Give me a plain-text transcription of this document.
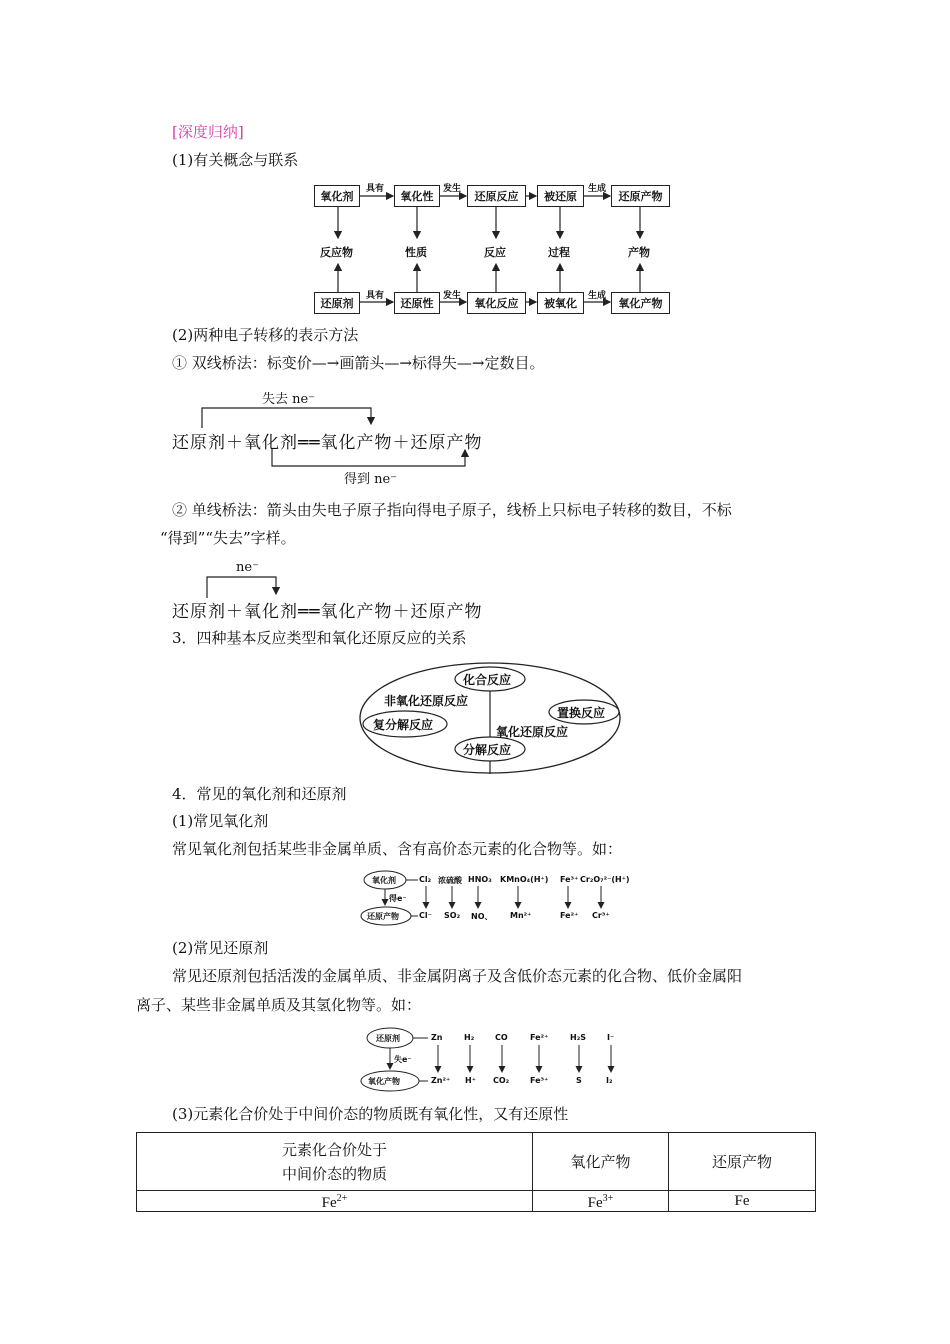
[深度归纳]
(1)有关概念与联系
氧化剂	氧化性	还原反应	被还原	还原产物
具有	发生	生成
反应物	性质	反应	过程	产物
还原剂	还原性	氧化反应	被氧化	氧化产物
具有	发生	生成
(2)两种电子转移的表示方法
① 双线桥法：标变价—→画箭头—→标得失—→定数目。
失去 ne⁻
还原剂＋氧化剂══氧化产物＋还原产物
得到 ne⁻
② 单线桥法：箭头由失电子原子指向得电子原子，线桥上只标电子转移的数目，不标
“得到”“失去”字样。
ne⁻
还原剂＋氧化剂══氧化产物＋还原产物
3．四种基本反应类型和氧化还原反应的关系
化合反应
非氧化还原反应
复分解反应	氧化还原反应
置换反应
分解反应
4．常见的氧化剂和还原剂
(1)常见氧化剂
常见氧化剂包括某些非金属单质、含有高价态元素的化合物等。如：
氧化剂
还原产物
得e⁻
Cl₂ 浓硫酸 HNO₃ KMnO₄(H⁺) Fe³⁺ Cr₂O₇²⁻(H⁺)
Cl⁻ SO₂ NO、 Mn²⁺	Fe²⁺ Cr³⁺
(2)常见还原剂
常见还原剂包括活泼的金属单质、非金属阴离子及含低价态元素的化合物、低价金属阳
离子、某些非金属单质及其氢化物等。如：
还原剂
氧化产物
失e⁻
Zn	H₂	CO	Fe²⁺	H₂S	I⁻
Zn²⁺ H⁺ CO₂	Fe³⁺	S	I₂
(3)元素化合价处于中间价态的物质既有氧化性，又有还原性
元素化合价处于
中间价态的物质	氧化产物	还原产物
$Fe^{2+}$	$Fe^{3+}$	Fe
